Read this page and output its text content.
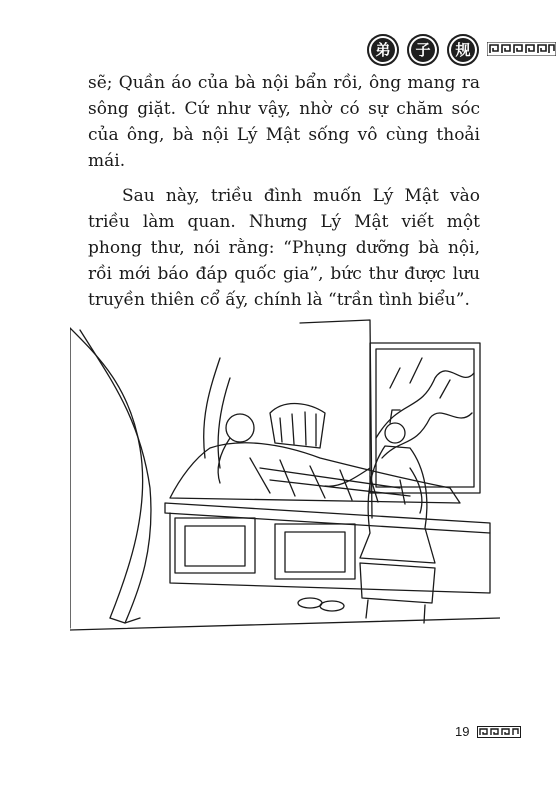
弟	子	规

sẽ; Quần áo của bà nội bẩn rồi, ông mang ra sông giặt. Cứ như vậy, nhờ có sự chăm sóc của ông, bà nội Lý Mật sống vô cùng thoải mái.

Sau này, triều đình muốn Lý Mật vào triều làm quan. Nhưng Lý Mật viết một phong thư, nói rằng: “Phụng dưỡng bà nội, rồi mới báo đáp quốc gia”, bức thư được lưu truyền thiên cổ ấy, chính là “trần tình biểu”.

19
